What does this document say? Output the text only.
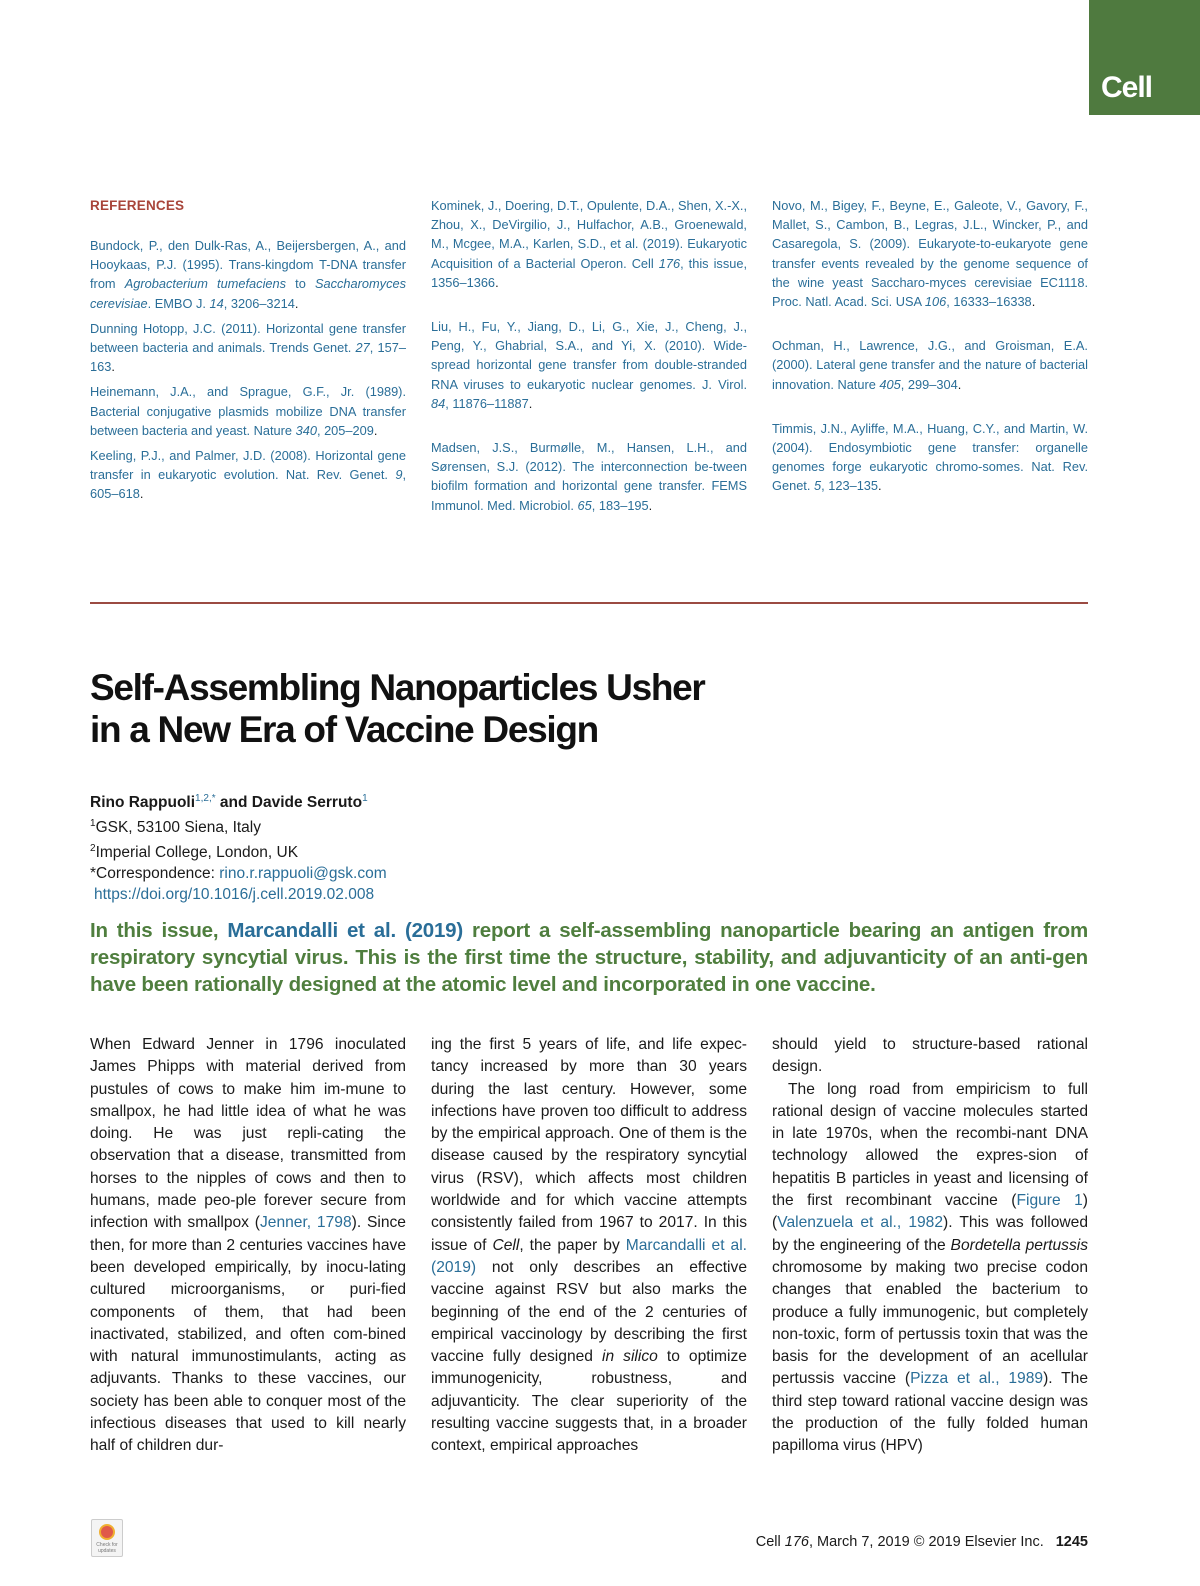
Cell
REFERENCES

Bundock, P., den Dulk-Ras, A., Beijersbergen, A., and Hooykaas, P.J. (1995). Trans-kingdom T-DNA transfer from Agrobacterium tumefaciens to Saccharomyces cerevisiae. EMBO J. 14, 3206–3214.

Dunning Hotopp, J.C. (2011). Horizontal gene transfer between bacteria and animals. Trends Genet. 27, 157–163.

Heinemann, J.A., and Sprague, G.F., Jr. (1989). Bacterial conjugative plasmids mobilize DNA transfer between bacteria and yeast. Nature 340, 205–209.

Keeling, P.J., and Palmer, J.D. (2008). Horizontal gene transfer in eukaryotic evolution. Nat. Rev. Genet. 9, 605–618.

Kominek, J., Doering, D.T., Opulente, D.A., Shen, X.-X., Zhou, X., DeVirgilio, J., Hulfachor, A.B., Groenewald, M., Mcgee, M.A., Karlen, S.D., et al. (2019). Eukaryotic Acquisition of a Bacterial Operon. Cell 176, this issue, 1356–1366.

Liu, H., Fu, Y., Jiang, D., Li, G., Xie, J., Cheng, J., Peng, Y., Ghabrial, S.A., and Yi, X. (2010). Wide-spread horizontal gene transfer from double-stranded RNA viruses to eukaryotic nuclear genomes. J. Virol. 84, 11876–11887.

Madsen, J.S., Burmølle, M., Hansen, L.H., and Sørensen, S.J. (2012). The interconnection be-tween biofilm formation and horizontal gene transfer. FEMS Immunol. Med. Microbiol. 65, 183–195.

Novo, M., Bigey, F., Beyne, E., Galeote, V., Gavory, F., Mallet, S., Cambon, B., Legras, J.L., Wincker, P., and Casaregola, S. (2009). Eukaryote-to-eukaryote gene transfer events revealed by the genome sequence of the wine yeast Saccharo-myces cerevisiae EC1118. Proc. Natl. Acad. Sci. USA 106, 16333–16338.

Ochman, H., Lawrence, J.G., and Groisman, E.A. (2000). Lateral gene transfer and the nature of bacterial innovation. Nature 405, 299–304.

Timmis, J.N., Ayliffe, M.A., Huang, C.Y., and Martin, W. (2004). Endosymbiotic gene transfer: organelle genomes forge eukaryotic chromo-somes. Nat. Rev. Genet. 5, 123–135.

Self-Assembling Nanoparticles Usher
in a New Era of Vaccine Design
Rino Rappuoli$^{1,2,*}$ and Davide Serruto$^1$
$^1$GSK, 53100 Siena, Italy
$^2$Imperial College, London, UK
*Correspondence: rino.r.rappuoli@gsk.com
https://doi.org/10.1016/j.cell.2019.02.008

In this issue, Marcandalli et al. (2019) report a self-assembling nanoparticle bearing an antigen from respiratory syncytial virus. This is the first time the structure, stability, and adjuvanticity of an anti-gen have been rationally designed at the atomic level and incorporated in one vaccine.

When Edward Jenner in 1796 inoculated James Phipps with material derived from pustules of cows to make him im-mune to smallpox, he had little idea of what he was doing. He was just repli-cating the observation that a disease, transmitted from horses to the nipples of cows and then to humans, made peo-ple forever secure from infection with smallpox (Jenner, 1798). Since then, for more than 2 centuries vaccines have been developed empirically, by inocu-lating cultured microorganisms, or puri-fied components of them, that had been inactivated, stabilized, and often com-bined with natural immunostimulants, acting as adjuvants. Thanks to these vaccines, our society has been able to conquer most of the infectious diseases that used to kill nearly half of children dur-

ing the first 5 years of life, and life expec-tancy increased by more than 30 years during the last century. However, some infections have proven too difficult to address by the empirical approach. One of them is the disease caused by the respiratory syncytial virus (RSV), which affects most children worldwide and for which vaccine attempts consistently failed from 1967 to 2017. In this issue of Cell, the paper by Marcandalli et al. (2019) not only describes an effective vaccine against RSV but also marks the beginning of the end of the 2 centuries of empirical vaccinology by describing the first vaccine fully designed in silico to optimize immunogenicity, robustness, and adjuvanticity. The clear superiority of the resulting vaccine suggests that, in a broader context, empirical approaches

should yield to structure-based rational design.

The long road from empiricism to full rational design of vaccine molecules started in late 1970s, when the recombi-nant DNA technology allowed the expres-sion of hepatitis B particles in yeast and licensing of the first recombinant vaccine (Figure 1) (Valenzuela et al., 1982). This was followed by the engineering of the Bordetella pertussis chromosome by making two precise codon changes that enabled the bacterium to produce a fully immunogenic, but completely non-toxic, form of pertussis toxin that was the basis for the development of an acellular pertussis vaccine (Pizza et al., 1989). The third step toward rational vaccine design was the production of the fully folded human papilloma virus (HPV)

Check for updates
Cell 176, March 7, 2019 © 2019 Elsevier Inc. 1245
